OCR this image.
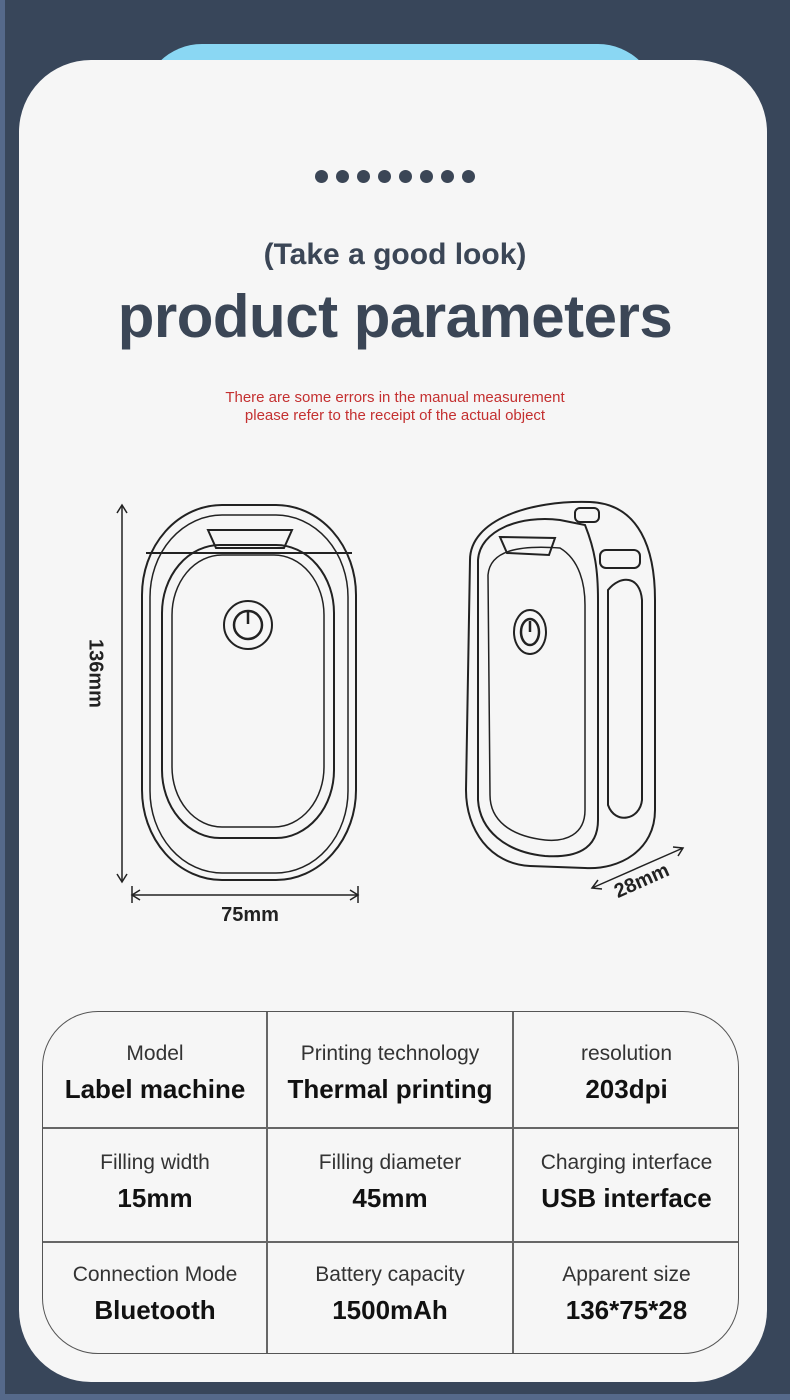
(Take a good look)
product parameters
There are some errors in the manual measurement
please refer to the receipt of the actual object
136mm
75mm
28mm
Model
Label machine
Printing technology
Thermal printing
resolution
203dpi
Filling width
15mm
Filling diameter
45mm
Charging interface
USB interface
Connection Mode
Bluetooth
Battery capacity
1500mAh
Apparent size
136*75*28
